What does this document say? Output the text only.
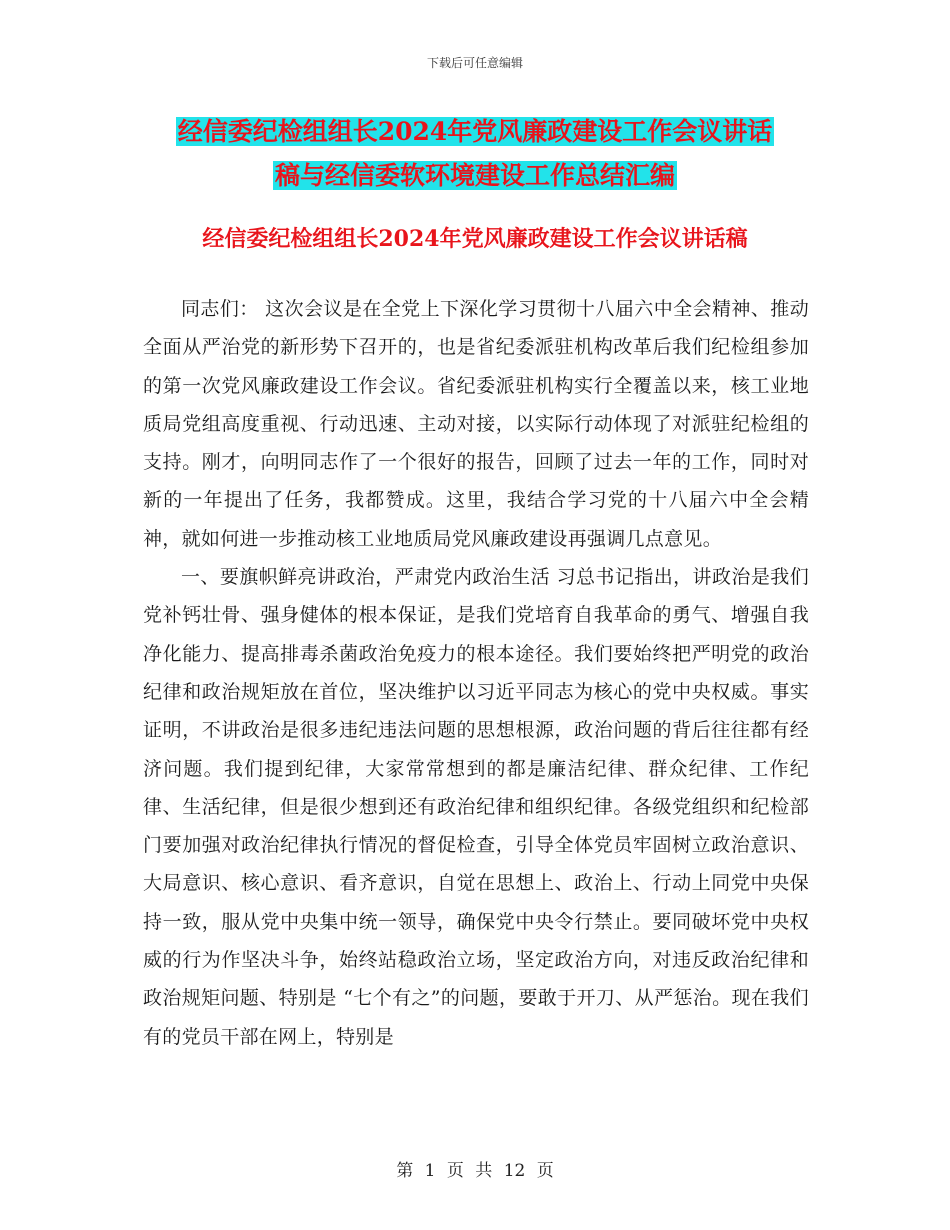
下载后可任意编辑
经信委纪检组组长2024年党风廉政建设工作会议讲话
稿与经信委软环境建设工作总结汇编
经信委纪检组组长2024年党风廉政建设工作会议讲话稿

同志们： 这次会议是在全党上下深化学习贯彻十八届六中全会精神、推动全面从严治党的新形势下召开的，也是省纪委派驻机构改革后我们纪检组参加的第一次党风廉政建设工作会议。省纪委派驻机构实行全覆盖以来，核工业地质局党组高度重视、行动迅速、主动对接，以实际行动体现了对派驻纪检组的支持。刚才，向明同志作了一个很好的报告，回顾了过去一年的工作，同时对新的一年提出了任务，我都赞成。这里，我结合学习党的十八届六中全会精神，就如何进一步推动核工业地质局党风廉政建设再强调几点意见。

一、要旗帜鲜亮讲政治，严肃党内政治生活 习总书记指出，讲政治是我们党补钙壮骨、强身健体的根本保证，是我们党培育自我革命的勇气、增强自我净化能力、提高排毒杀菌政治免疫力的根本途径。我们要始终把严明党的政治纪律和政治规矩放在首位，坚决维护以习近平同志为核心的党中央权威。事实证明，不讲政治是很多违纪违法问题的思想根源，政治问题的背后往往都有经济问题。我们提到纪律，大家常常想到的都是廉洁纪律、群众纪律、工作纪律、生活纪律，但是很少想到还有政治纪律和组织纪律。各级党组织和纪检部门要加强对政治纪律执行情况的督促检查，引导全体党员牢固树立政治意识、大局意识、核心意识、看齐意识，自觉在思想上、政治上、行动上同党中央保持一致，服从党中央集中统一领导，确保党中央令行禁止。要同破坏党中央权威的行为作坚决斗争，始终站稳政治立场，坚定政治方向，对违反政治纪律和政治规矩问题、特别是 “七个有之”的问题，要敢于开刀、从严惩治。现在我们有的党员干部在网上，特别是

第 1 页 共 12 页
